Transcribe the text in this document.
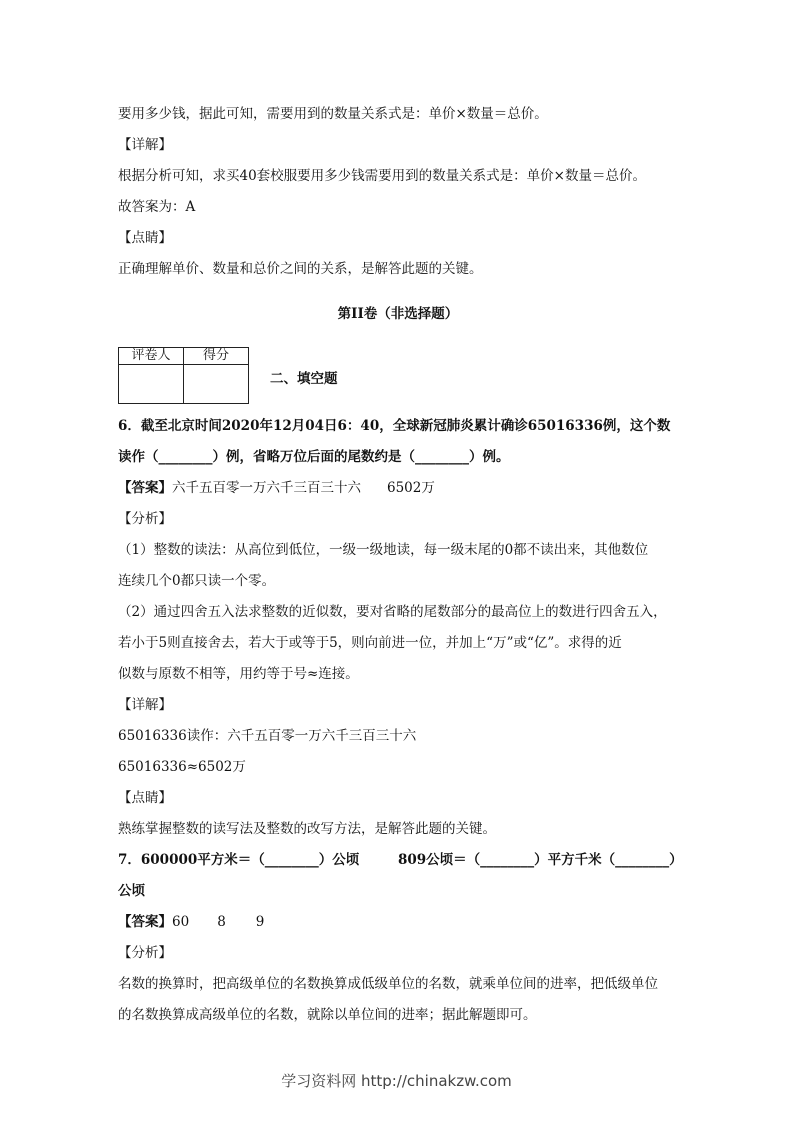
要用多少钱，据此可知，需要用到的数量关系式是：单价×数量＝总价。
【详解】
根据分析可知，求买40套校服要用多少钱需要用到的数量关系式是：单价×数量＝总价。
故答案为：A
【点睛】
正确理解单价、数量和总价之间的关系，是解答此题的关键。
第II卷（非选择题）
评卷人	得分

二、填空题
6．截至北京时间2020年12月04日6：40，全球新冠肺炎累计确诊65016336例，这个数
读作（________）例，省略万位后面的尾数约是（________）例。
【答案】六千五百零一万六千三百三十六 6502万
【分析】
（1）整数的读法：从高位到低位，一级一级地读，每一级末尾的0都不读出来，其他数位
连续几个0都只读一个零。
（2）通过四舍五入法求整数的近似数，要对省略的尾数部分的最高位上的数进行四舍五入，
若小于5则直接舍去，若大于或等于5，则向前进一位，并加上“万”或“亿”。求得的近
似数与原数不相等，用约等于号≈连接。
【详解】
65016336读作：六千五百零一万六千三百三十六
65016336≈6502万
【点睛】
熟练掌握整数的读写法及整数的改写方法，是解答此题的关键。
7．600000平方米＝（________）公顷	809公顷＝（________）平方千米（________）
公顷
【答案】60 8 9
【分析】
名数的换算时，把高级单位的名数换算成低级单位的名数，就乘单位间的进率，把低级单位
的名数换算成高级单位的名数，就除以单位间的进率；据此解题即可。
学习资料网 http://chinakzw.com
